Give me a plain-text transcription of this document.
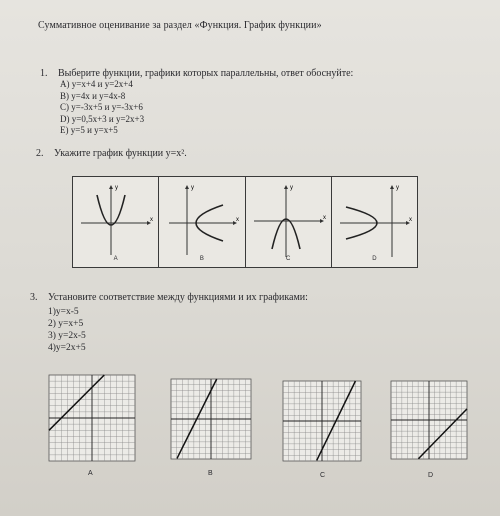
Суммативное оценивание за раздел «Функция. График функции»
1. Выберите функции, графики которых параллельны, ответ обоснуйте:
A) y=x+4 и y=2x+4
B) y=4x и y=4x-8
C) y=-3x+5 и y=-3x+6
D) y=0,5x+3 и y=2x+3
E) y=5 и y=x+5
2. Укажите график функции y=x².
y
x
A
y
x
B
y
x
C
y
x
D
3. Установите соответствие между функциями и их графиками:
1)y=x-5
2) y=x+5
3) y=2x-5
4)y=2x+5
A	B	C	D
